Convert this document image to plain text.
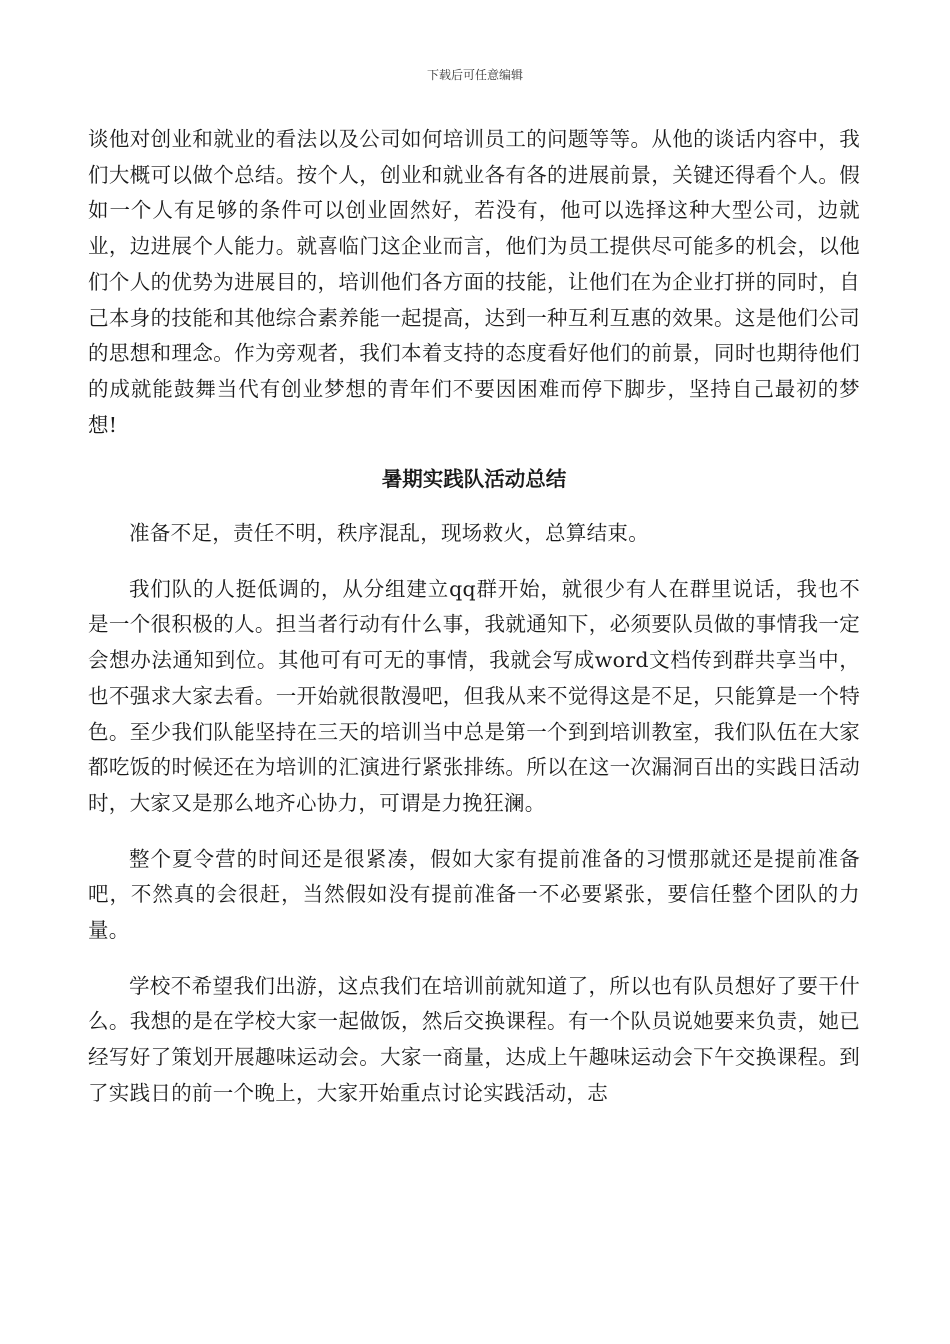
下载后可任意编辑

谈他对创业和就业的看法以及公司如何培训员工的问题等等。从他的谈话内容中，我们大概可以做个总结。按个人，创业和就业各有各的进展前景，关键还得看个人。假如一个人有足够的条件可以创业固然好，若没有，他可以选择这种大型公司，边就业，边进展个人能力。就喜临门这企业而言，他们为员工提供尽可能多的机会，以他们个人的优势为进展目的，培训他们各方面的技能，让他们在为企业打拼的同时，自己本身的技能和其他综合素养能一起提高，达到一种互利互惠的效果。这是他们公司的思想和理念。作为旁观者，我们本着支持的态度看好他们的前景，同时也期待他们的成就能鼓舞当代有创业梦想的青年们不要因困难而停下脚步，坚持自己最初的梦想!

暑期实践队活动总结

准备不足，责任不明，秩序混乱，现场救火，总算结束。

我们队的人挺低调的，从分组建立qq群开始，就很少有人在群里说话，我也不是一个很积极的人。担当者行动有什么事，我就通知下，必须要队员做的事情我一定会想办法通知到位。其他可有可无的事情，我就会写成word文档传到群共享当中，也不强求大家去看。一开始就很散漫吧，但我从来不觉得这是不足，只能算是一个特色。至少我们队能坚持在三天的培训当中总是第一个到到培训教室，我们队伍在大家都吃饭的时候还在为培训的汇演进行紧张排练。所以在这一次漏洞百出的实践日活动时，大家又是那么地齐心协力，可谓是力挽狂澜。

整个夏令营的时间还是很紧凑，假如大家有提前准备的习惯那就还是提前准备吧，不然真的会很赶，当然假如没有提前准备一不必要紧张，要信任整个团队的力量。

学校不希望我们出游，这点我们在培训前就知道了，所以也有队员想好了要干什么。我想的是在学校大家一起做饭，然后交换课程。有一个队员说她要来负责，她已经写好了策划开展趣味运动会。大家一商量，达成上午趣味运动会下午交换课程。到了实践日的前一个晚上，大家开始重点讨论实践活动，志
